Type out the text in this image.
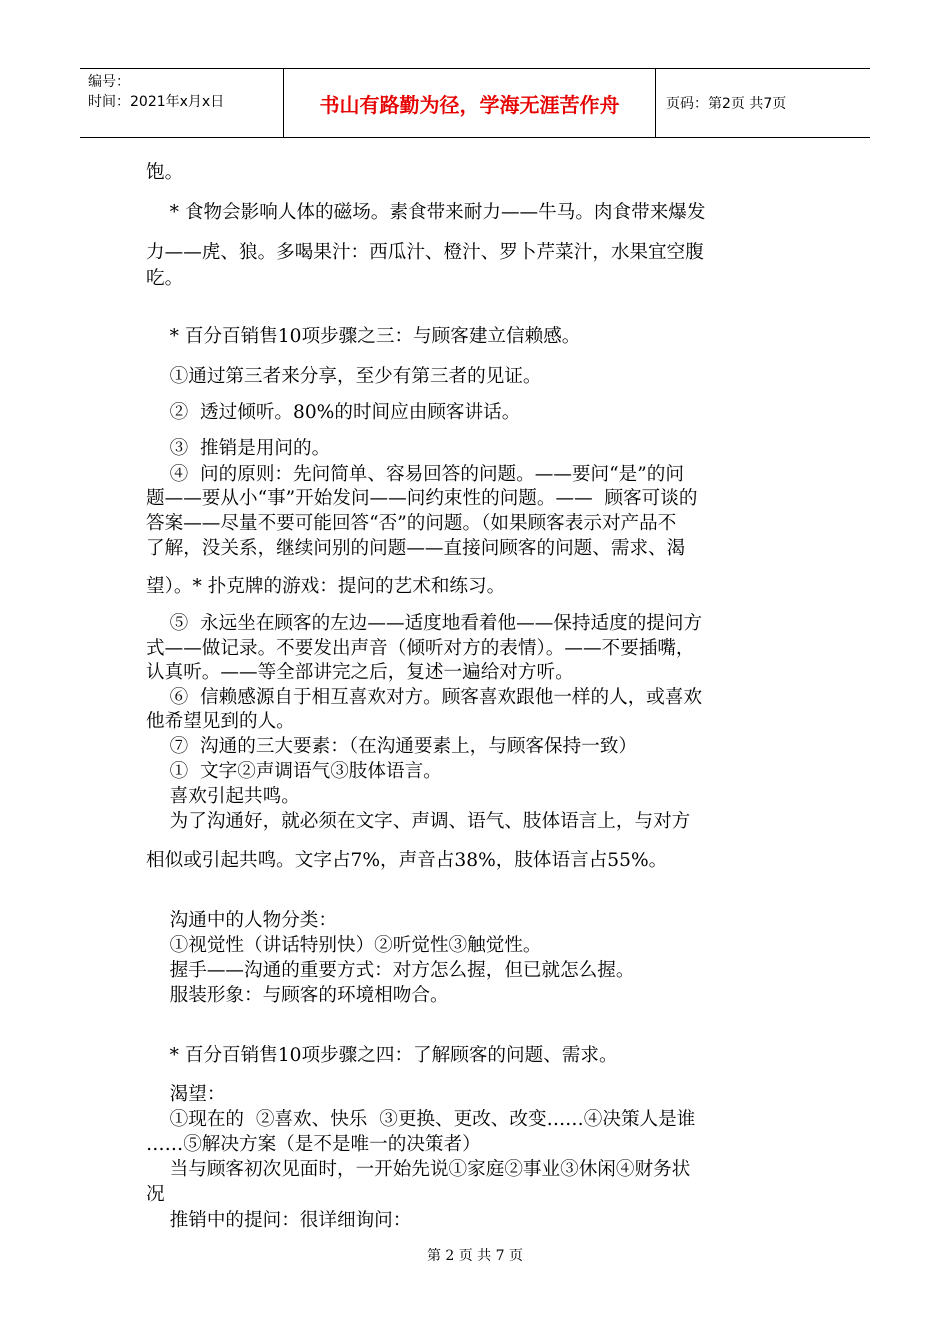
编号：
时间：2021年x月x日	书山有路勤为径，学海无涯苦作舟	页码：第2页 共7页
饱。
* 食物会影响人体的磁场。素食带来耐力——牛马。肉食带来爆发
力——虎、狼。多喝果汁：西瓜汁、橙汁、罗卜芹菜汁，水果宜空腹
吃。
* 百分百销售10项步骤之三：与顾客建立信赖感。
①通过第三者来分享，至少有第三者的见证。
②  透过倾听。80%的时间应由顾客讲话。
③  推销是用问的。
④  问的原则：先问简单、容易回答的问题。——要问“是”的问
题——要从小“事”开始发问——问约束性的问题。——  顾客可谈的
答案——尽量不要可能回答“否”的问题。（如果顾客表示对产品不
了解，没关系，继续问别的问题——直接问顾客的问题、需求、渴
望）。* 扑克牌的游戏：提问的艺术和练习。
⑤  永远坐在顾客的左边——适度地看着他——保持适度的提问方
式——做记录。不要发出声音（倾听对方的表情）。——不要插嘴，
认真听。——等全部讲完之后，复述一遍给对方听。
⑥  信赖感源自于相互喜欢对方。顾客喜欢跟他一样的人，或喜欢
他希望见到的人。
⑦  沟通的三大要素：（在沟通要素上，与顾客保持一致）
①  文字②声调语气③肢体语言。
喜欢引起共鸣。
为了沟通好，就必须在文字、声调、语气、肢体语言上，与对方
相似或引起共鸣。文字占7%，声音占38%，肢体语言占55%。
沟通中的人物分类：
①视觉性（讲话特别快）②听觉性③触觉性。
握手——沟通的重要方式：对方怎么握，但已就怎么握。
服装形象：与顾客的环境相吻合。
* 百分百销售10项步骤之四：了解顾客的问题、需求。
渴望：
①现在的  ②喜欢、快乐  ③更换、更改、改变……④决策人是谁
……⑤解决方案（是不是唯一的决策者）
当与顾客初次见面时，一开始先说①家庭②事业③休闲④财务状
况
推销中的提问：很详细询问：
第 2 页 共 7 页
